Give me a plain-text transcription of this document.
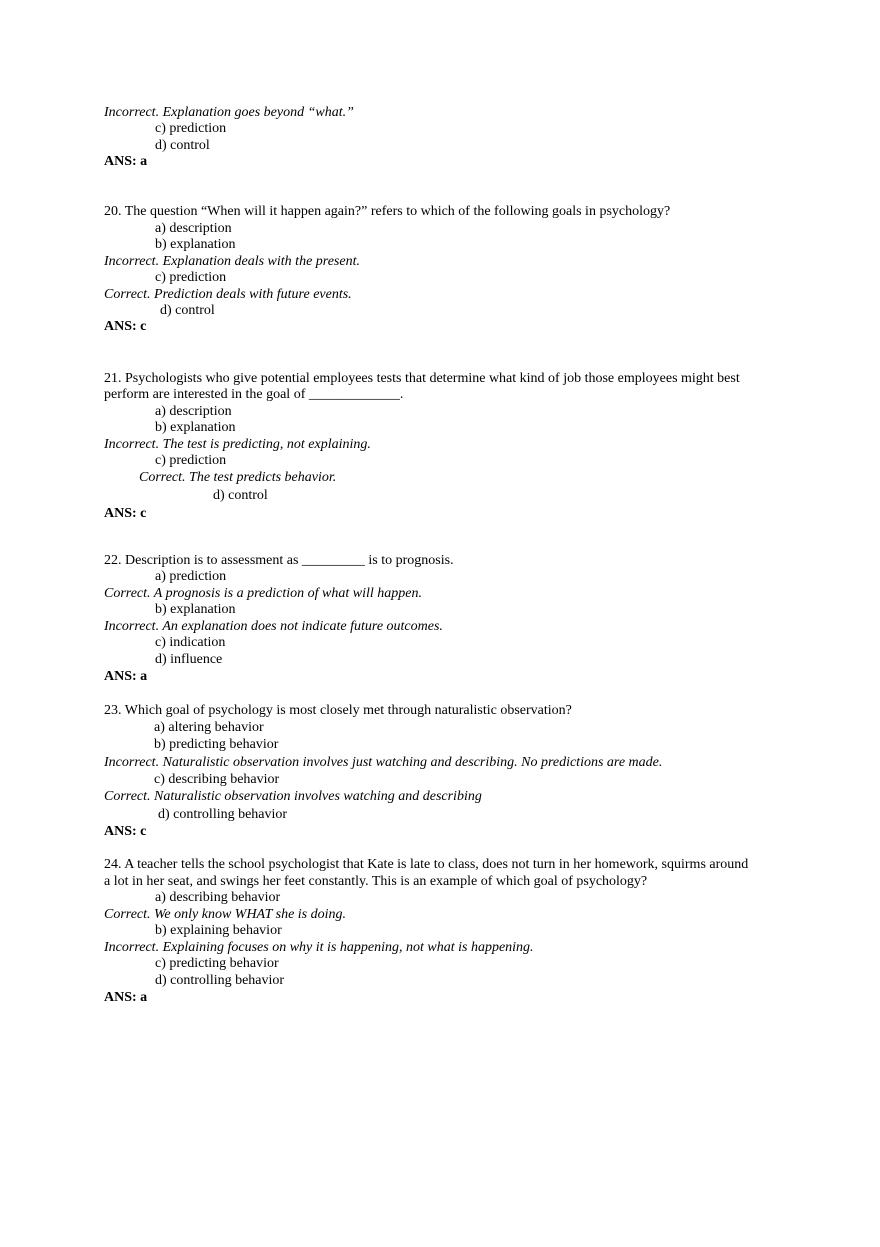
Incorrect. Explanation goes beyond “what.”
c) prediction
d) control
ANS: a
20. The question “When will it happen again?” refers to which of the following goals in psychology?
a) description
b) explanation
Incorrect. Explanation deals with the present.
c) prediction
Correct. Prediction deals with future events.
d) control
ANS: c
21. Psychologists who give potential employees tests that determine what kind of job those employees might best
perform are interested in the goal of _____________.
a) description
b) explanation
Incorrect. The test is predicting, not explaining.
c) prediction
Correct. The test predicts behavior.
d) control
ANS: c
22. Description is to assessment as _________ is to prognosis.
a) prediction
Correct. A prognosis is a prediction of what will happen.
b) explanation
Incorrect. An explanation does not indicate future outcomes.
c) indication
d) influence
ANS: a
23. Which goal of psychology is most closely met through naturalistic observation?
a) altering behavior
b) predicting behavior
Incorrect. Naturalistic observation involves just watching and describing. No predictions are made.
c) describing behavior
Correct. Naturalistic observation involves watching and describing
d) controlling behavior
ANS: c
24. A teacher tells the school psychologist that Kate is late to class, does not turn in her homework, squirms around
a lot in her seat, and swings her feet constantly. This is an example of which goal of psychology?
a) describing behavior
Correct. We only know WHAT she is doing.
b) explaining behavior
Incorrect. Explaining focuses on why it is happening, not what is happening.
c) predicting behavior
d) controlling behavior
ANS: a
